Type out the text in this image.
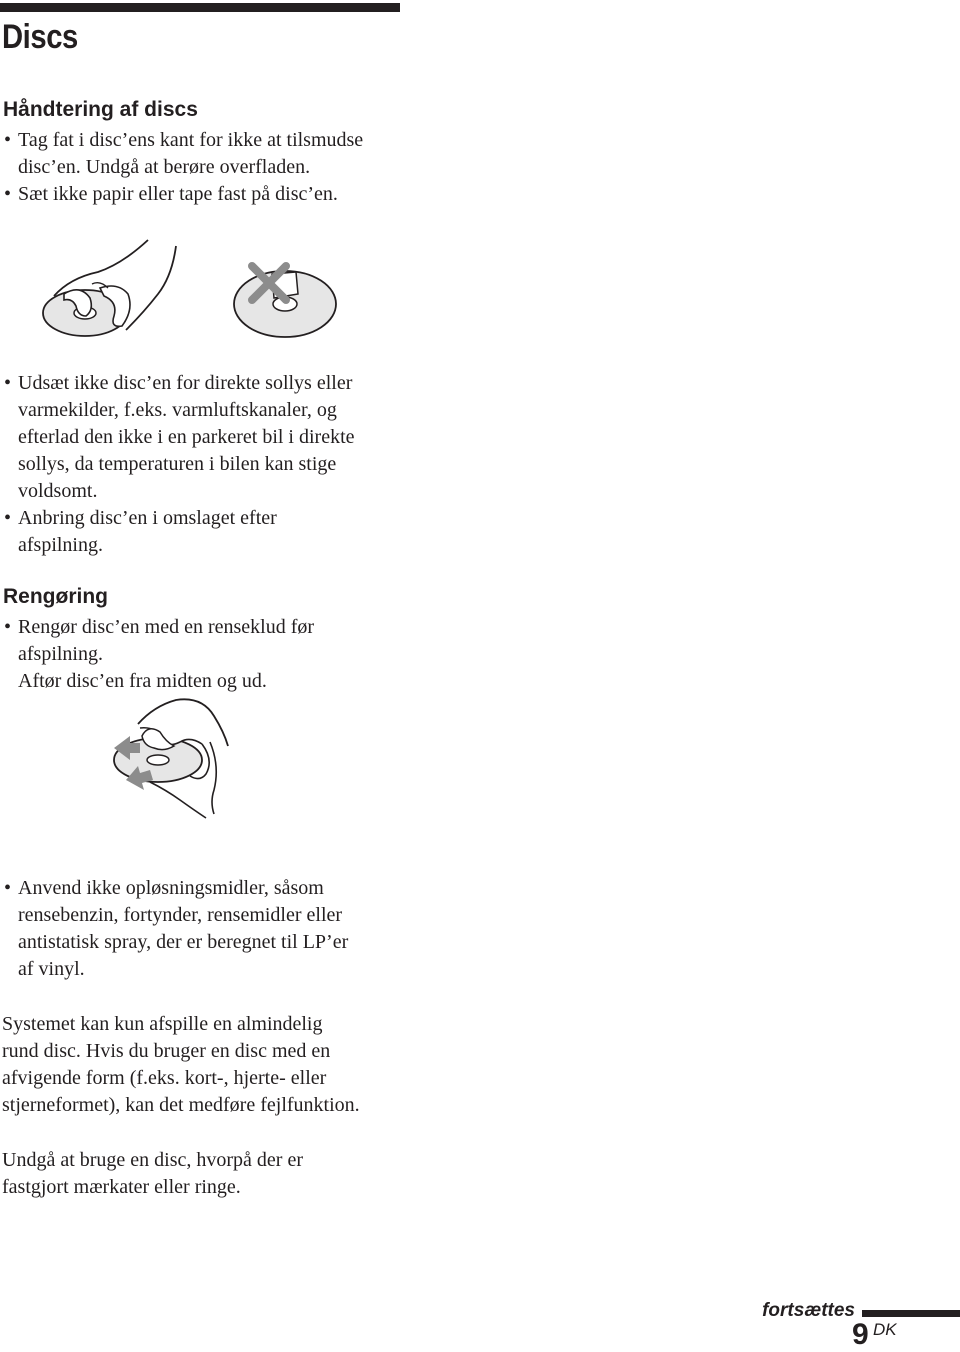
Discs
Håndtering af discs
• Tag fat i disc’ens kant for ikke at tilsmudse
disc’en. Undgå at berøre overfladen.
• Sæt ikke papir eller tape fast på disc’en.
• Udsæt ikke disc’en for direkte sollys eller
varmekilder, f.eks. varmluftskanaler, og
efterlad den ikke i en parkeret bil i direkte
sollys, da temperaturen i bilen kan stige
voldsomt.
• Anbring disc’en i omslaget efter
afspilning.
Rengøring
• Rengør disc’en med en renseklud før
afspilning.
Aftør disc’en fra midten og ud.
• Anvend ikke opløsningsmidler, såsom
rensebenzin, fortynder, rensemidler eller
antistatisk spray, der er beregnet til LP’er
af vinyl.

Systemet kan kun afspille en almindelig
rund disc. Hvis du bruger en disc med en
afvigende form (f.eks. kort-, hjerte- eller
stjerneformet), kan det medføre fejlfunktion.

Undgå at bruge en disc, hvorpå der er
fastgjort mærkater eller ringe.

fortsættes
9 DK
